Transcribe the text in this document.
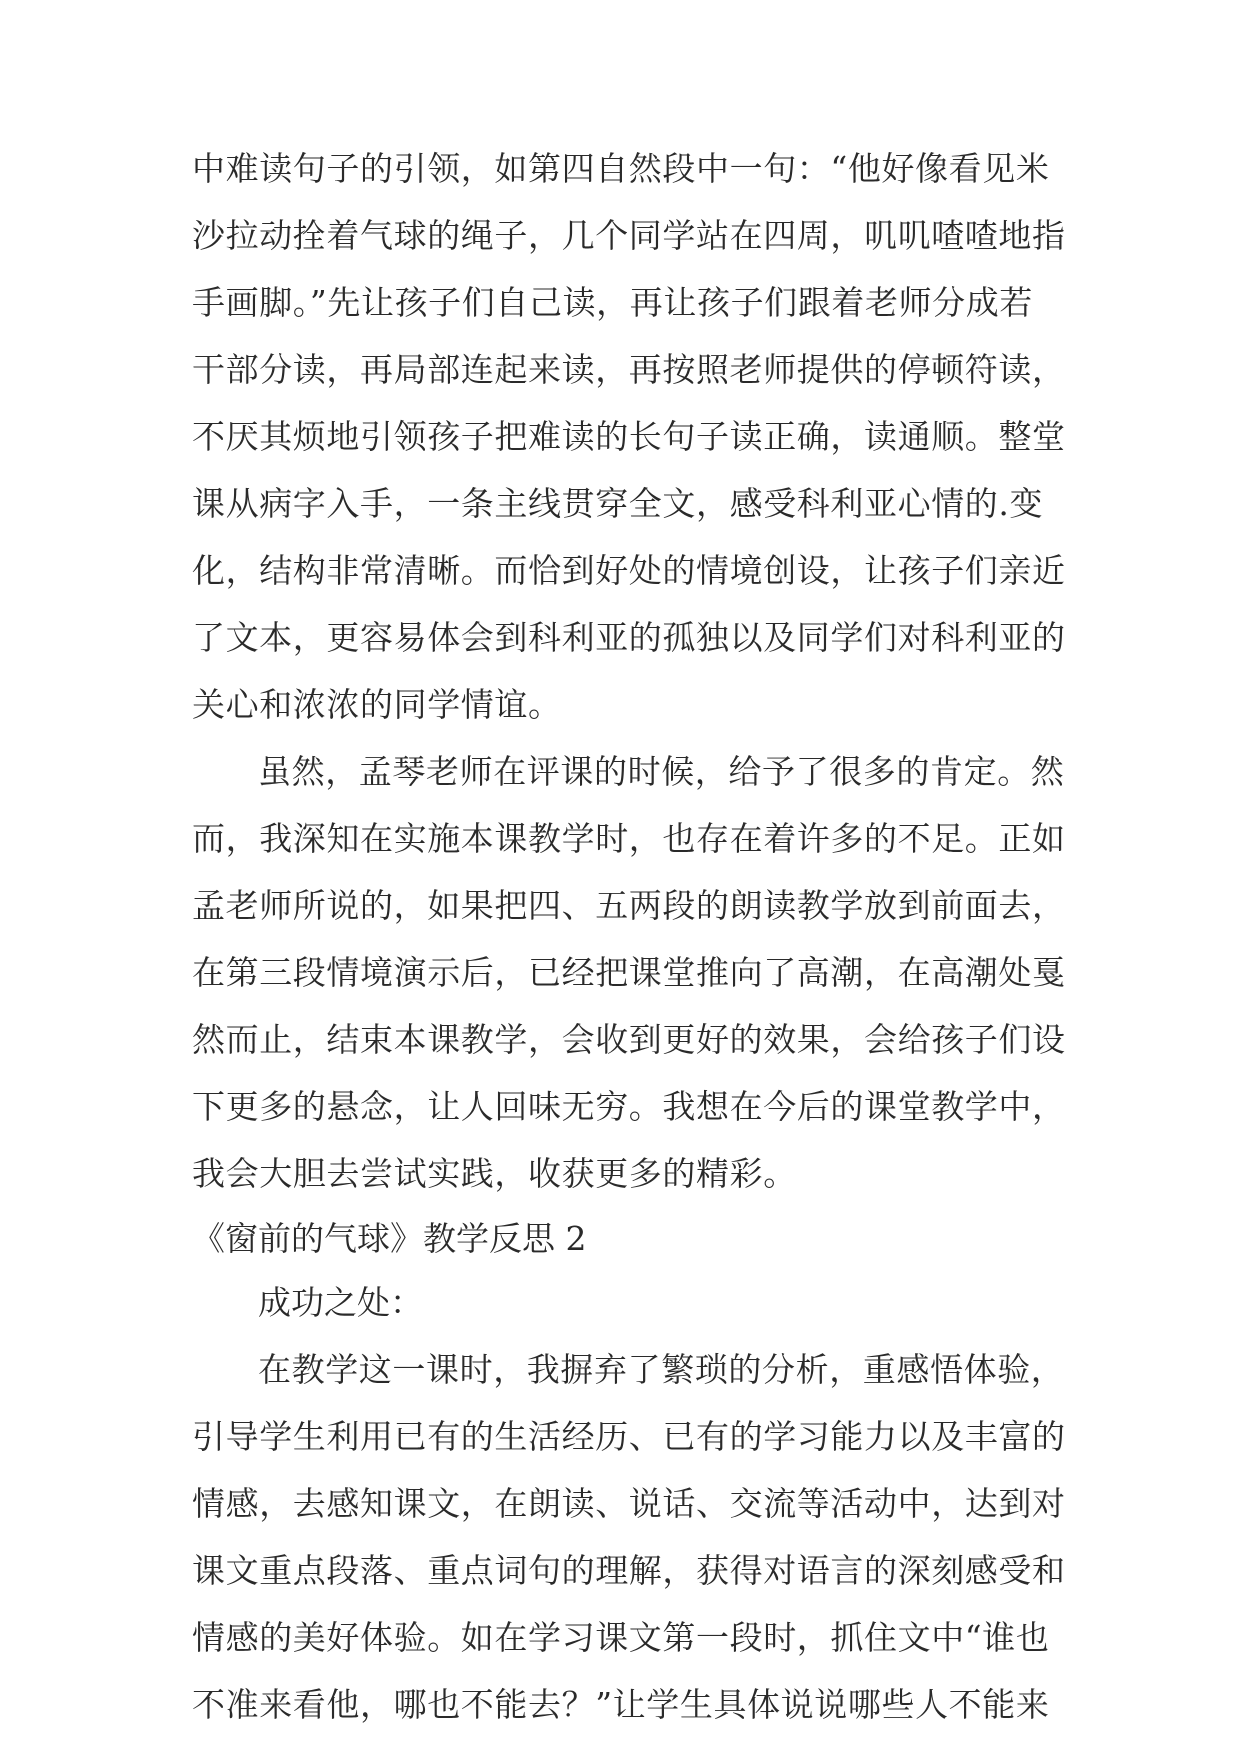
中难读句子的引领，如第四自然段中一句：“他好像看见米

沙拉动拴着气球的绳子，几个同学站在四周，叽叽喳喳地指

手画脚。”先让孩子们自己读，再让孩子们跟着老师分成若

干部分读，再局部连起来读，再按照老师提供的停顿符读，

不厌其烦地引领孩子把难读的长句子读正确，读通顺。整堂

课从病字入手，一条主线贯穿全文，感受科利亚心情的.变

化，结构非常清晰。而恰到好处的情境创设，让孩子们亲近

了文本，更容易体会到科利亚的孤独以及同学们对科利亚的

关心和浓浓的同学情谊。

虽然，孟琴老师在评课的时候，给予了很多的肯定。然

而，我深知在实施本课教学时，也存在着许多的不足。正如

孟老师所说的，如果把四、五两段的朗读教学放到前面去，

在第三段情境演示后，已经把课堂推向了高潮，在高潮处戛

然而止，结束本课教学，会收到更好的效果，会给孩子们设

下更多的悬念，让人回味无穷。我想在今后的课堂教学中，

我会大胆去尝试实践，收获更多的精彩。

《窗前的气球》教学反思 2

成功之处：

在教学这一课时，我摒弃了繁琐的分析，重感悟体验，

引导学生利用已有的生活经历、已有的学习能力以及丰富的

情感，去感知课文，在朗读、说话、交流等活动中，达到对

课文重点段落、重点词句的理解，获得对语言的深刻感受和

情感的美好体验。如在学习课文第一段时，抓住文中“谁也

不准来看他，哪也不能去？”让学生具体说说哪些人不能来
